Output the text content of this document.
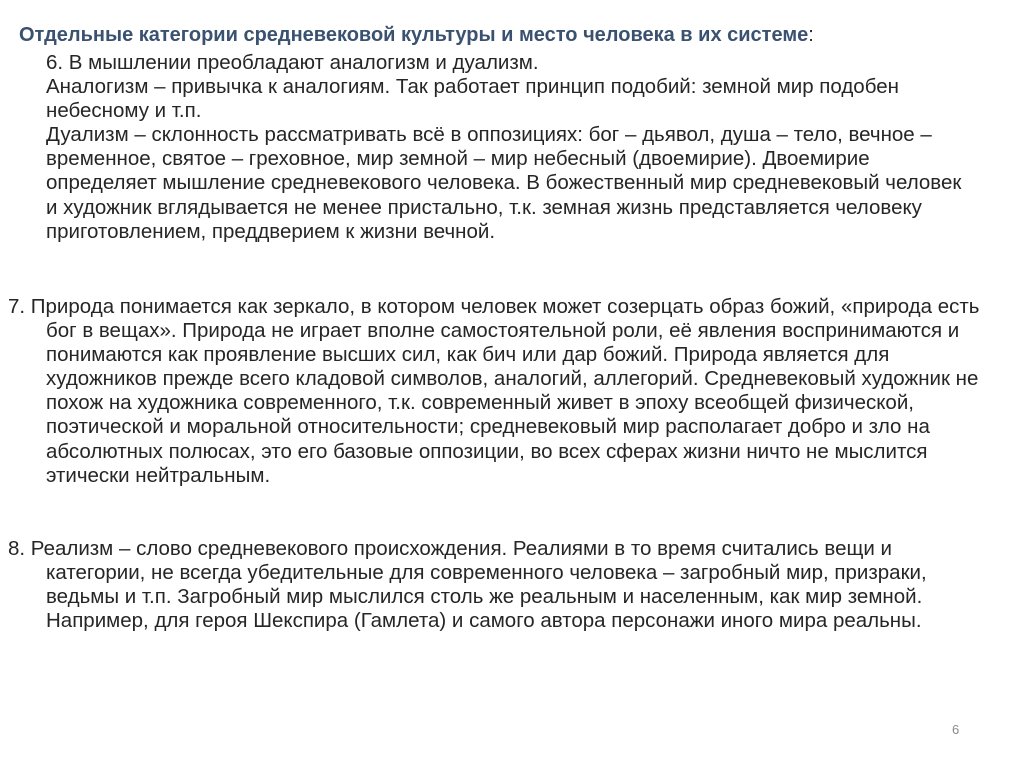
Отдельные категории средневековой культуры и место человека в их системе:

6. В мышлении преобладают аналогизм и дуализм.

Аналогизм – привычка к аналогиям. Так работает принцип подобий: земной мир подобен небесному и т.п.

Дуализм – склонность рассматривать всё в оппозициях: бог – дьявол, душа – тело, вечное – временное, святое – греховное, мир земной – мир небесный (двоемирие). Двоемирие определяет мышление средневекового человека. В божественный мир средневековый человек и художник вглядывается не менее пристально, т.к. земная жизнь представляется человеку приготовлением, преддверием к жизни вечной.

7. Природа понимается как зеркало, в котором человек может созерцать образ божий, «природа есть бог в вещах». Природа не играет вполне самостоятельной роли, её явления воспринимаются и понимаются как проявление высших сил, как бич или дар божий. Природа является для художников прежде всего кладовой символов, аналогий, аллегорий. Средневековый художник не похож на художника современного, т.к. современный живет в эпоху всеобщей физической, поэтической и моральной относительности; средневековый мир располагает добро и зло на абсолютных полюсах, это его базовые оппозиции, во всех сферах жизни ничто не мыслится этически нейтральным.

8. Реализм – слово средневекового происхождения. Реалиями в то время считались вещи и категории, не всегда убедительные для современного человека – загробный мир, призраки, ведьмы и т.п. Загробный мир мыслился столь же реальным и населенным, как мир земной. Например, для героя Шекспира (Гамлета) и самого автора персонажи иного мира реальны.

6
